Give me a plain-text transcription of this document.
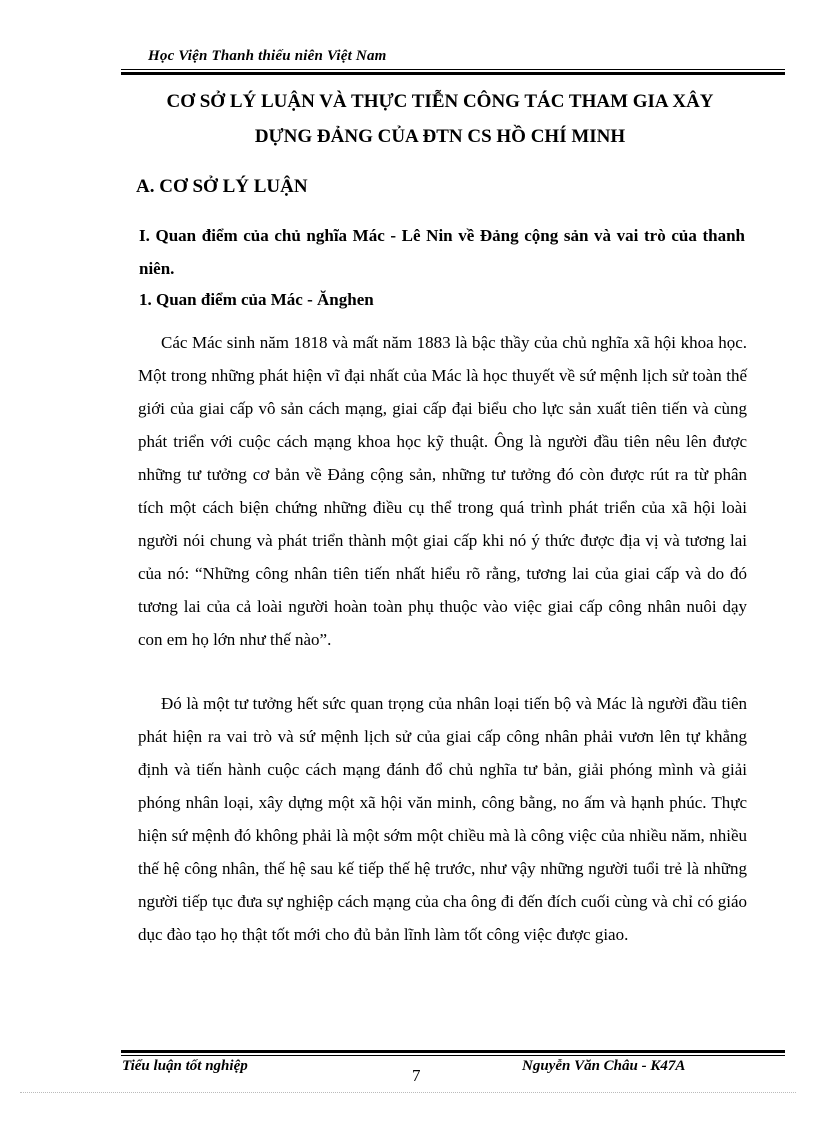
Học Viện Thanh thiếu niên Việt Nam
CƠ SỞ LÝ LUẬN VÀ THỰC TIỄN CÔNG TÁC THAM GIA XÂY
DỰNG ĐẢNG CỦA ĐTN CS HỒ CHÍ MINH
A. CƠ SỞ LÝ LUẬN

I. Quan điểm của chủ nghĩa Mác - Lê Nin về Đảng cộng sản và vai trò của thanh niên.

1. Quan điểm của Mác - Ănghen

Các Mác sinh năm 1818 và mất năm 1883 là bậc thầy của chủ nghĩa xã hội khoa học. Một trong những phát hiện vĩ đại nhất của Mác là học thuyết về sứ mệnh lịch sử toàn thế giới của giai cấp vô sản cách mạng, giai cấp đại biểu cho lực sản xuất tiên tiến và cùng phát triển với cuộc cách mạng khoa học kỹ thuật. Ông là người đầu tiên nêu lên được những tư tưởng cơ bản về Đảng cộng sản, những tư tưởng đó còn được rút ra từ phân tích một cách biện chứng những điều cụ thể trong quá trình phát triển của xã hội loài người nói chung và phát triển thành một giai cấp khi nó ý thức được địa vị và tương lai của nó: “Những công nhân tiên tiến nhất hiểu rõ rằng, tương lai của giai cấp và do đó tương lai của cả loài người hoàn toàn phụ thuộc vào việc giai cấp công nhân nuôi dạy con em họ lớn như thế nào”.

Đó là một tư tưởng hết sức quan trọng của nhân loại tiến bộ và Mác là người đầu tiên phát hiện ra vai trò và sứ mệnh lịch sử của giai cấp công nhân phải vươn lên tự khẳng định và tiến hành cuộc cách mạng đánh đổ chủ nghĩa tư bản, giải phóng mình và giải phóng nhân loại, xây dựng một xã hội văn minh, công bằng, no ấm và hạnh phúc. Thực hiện sứ mệnh đó không phải là một sớm một chiều mà là công việc của nhiều năm, nhiều thế hệ công nhân, thế hệ sau kế tiếp thế hệ trước, như vậy những người tuổi trẻ là những người tiếp tục đưa sự nghiệp cách mạng của cha ông đi đến đích cuối cùng và chỉ có giáo dục đào tạo họ thật tốt mới cho đủ bản lĩnh làm tốt công việc được giao.

Tiểu luận tốt nghiệp	7	Nguyễn Văn Châu - K47A
